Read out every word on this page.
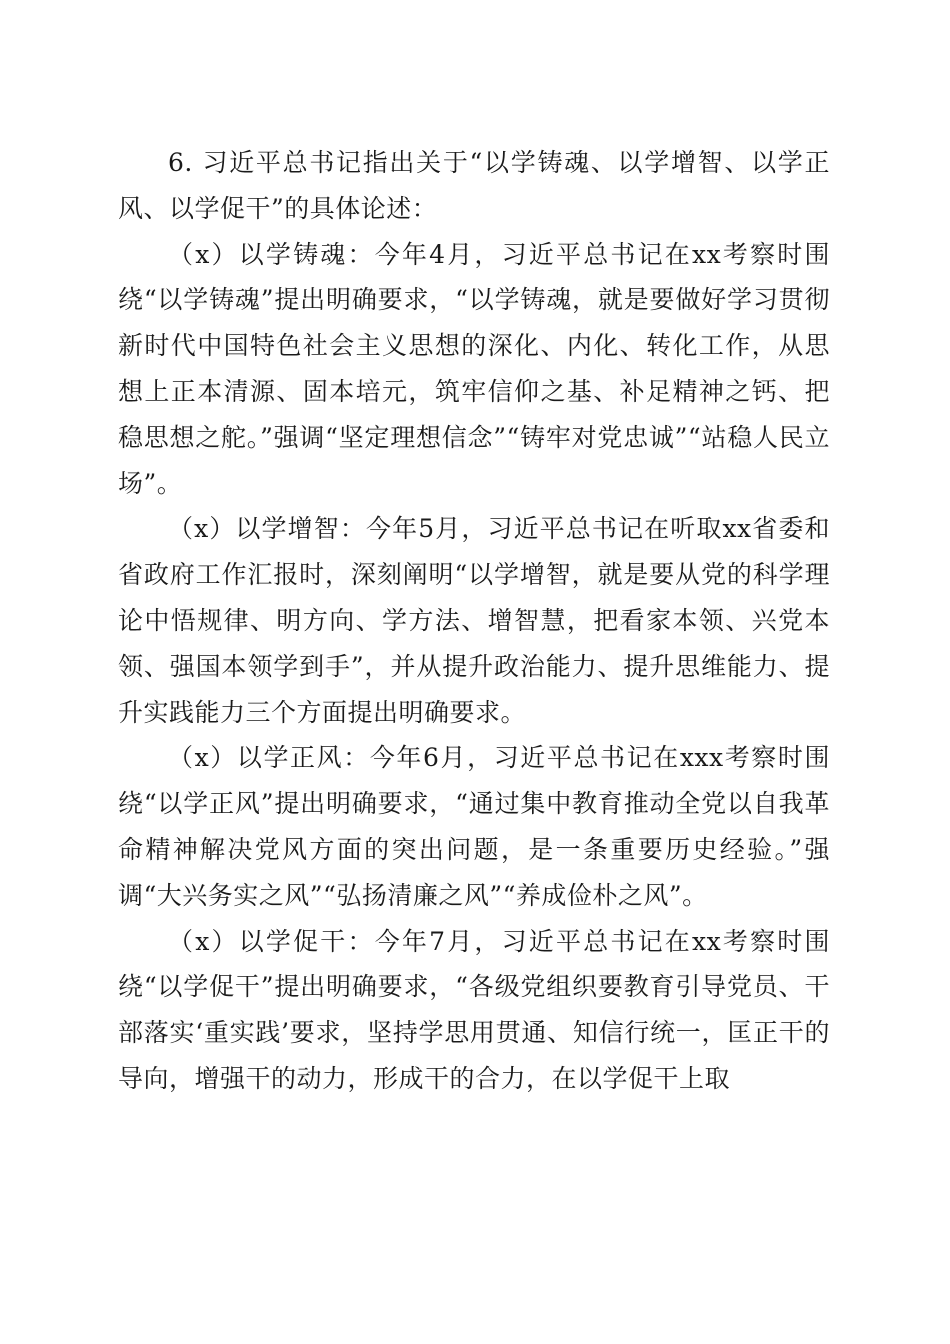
6. 习近平总书记指出关于“以学铸魂、以学增智、以学正风、以学促干”的具体论述：

（x）以学铸魂：今年4月，习近平总书记在xx考察时围绕“以学铸魂”提出明确要求，“以学铸魂，就是要做好学习贯彻新时代中国特色社会主义思想的深化、内化、转化工作，从思想上正本清源、固本培元，筑牢信仰之基、补足精神之钙、把稳思想之舵。”强调“坚定理想信念”“铸牢对党忠诚”“站稳人民立场”。

（x）以学增智：今年5月，习近平总书记在听取xx省委和省政府工作汇报时，深刻阐明“以学增智，就是要从党的科学理论中悟规律、明方向、学方法、增智慧，把看家本领、兴党本领、强国本领学到手”，并从提升政治能力、提升思维能力、提升实践能力三个方面提出明确要求。

（x）以学正风：今年6月，习近平总书记在xxx考察时围绕“以学正风”提出明确要求，“通过集中教育推动全党以自我革命精神解决党风方面的突出问题，是一条重要历史经验。”强调“大兴务实之风”“弘扬清廉之风”“养成俭朴之风”。

（x）以学促干：今年7月，习近平总书记在xx考察时围绕“以学促干”提出明确要求，“各级党组织要教育引导党员、干部落实‘重实践’要求，坚持学思用贯通、知信行统一，匡正干的导向，增强干的动力，形成干的合力，在以学促干上取
